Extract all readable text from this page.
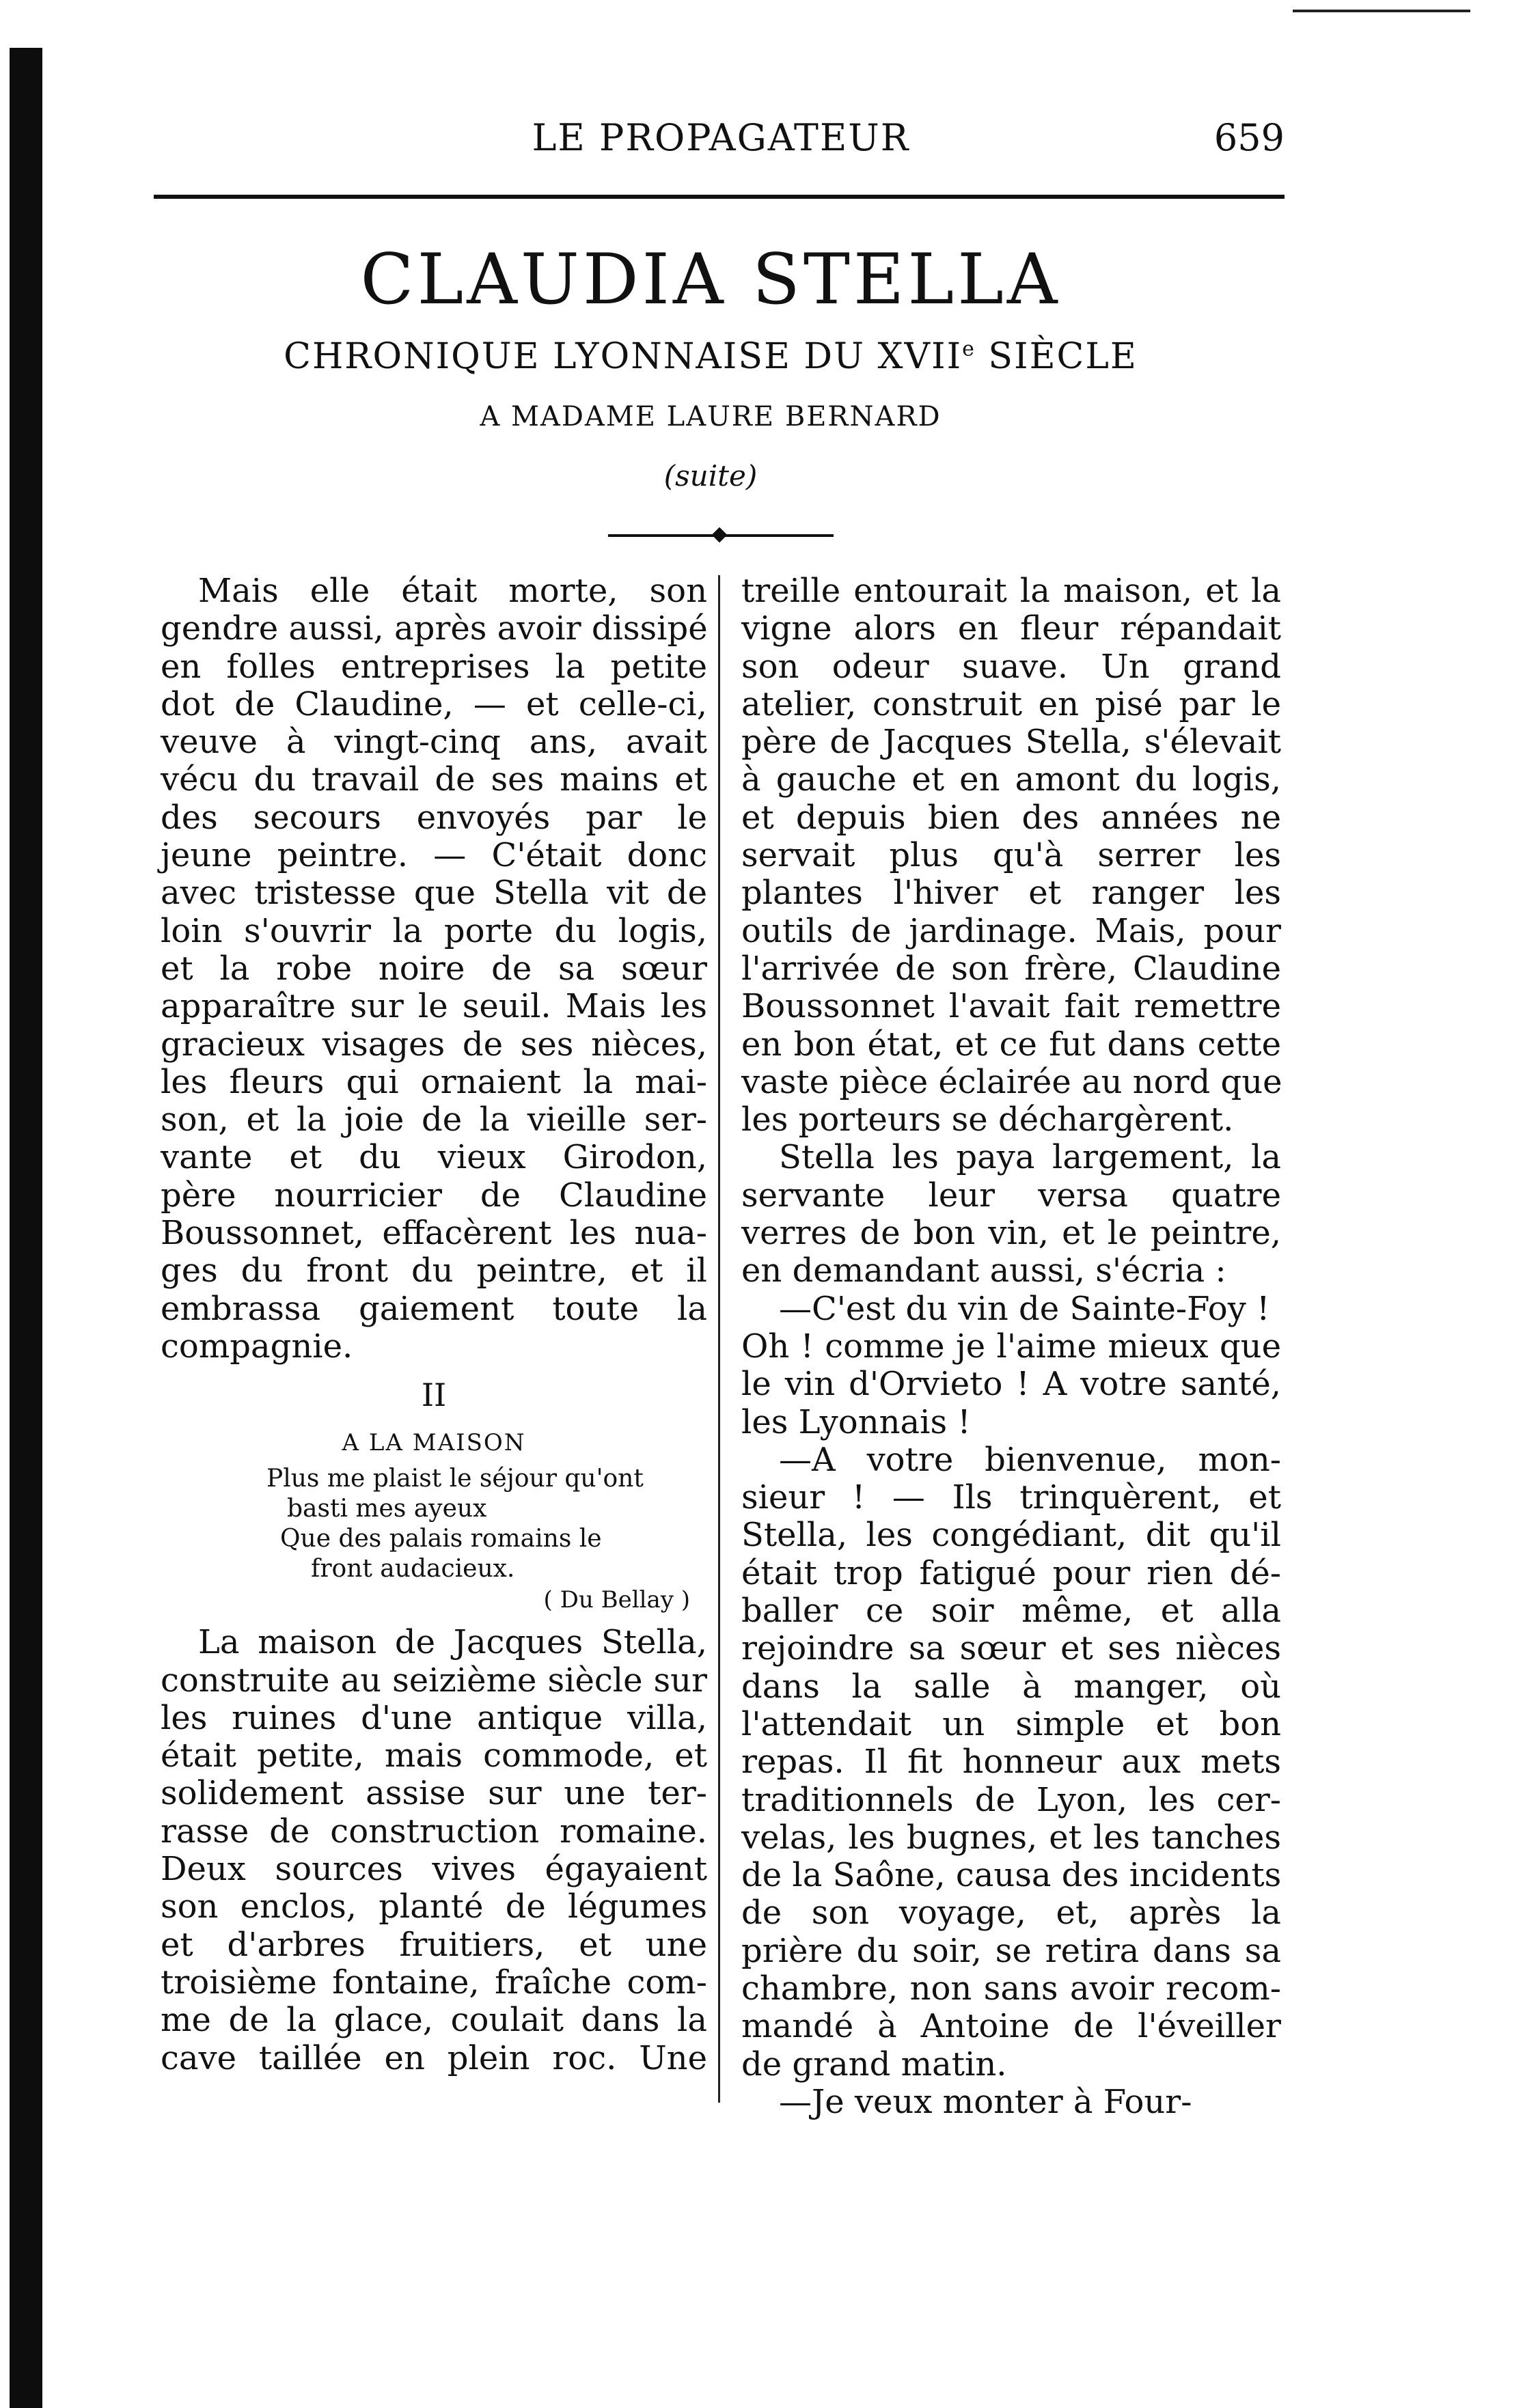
LE PROPAGATEUR	659
CLAUDIA STELLA
CHRONIQUE LYONNAISE DU XVIIe SIÈCLE
A MADAME LAURE BERNARD
(suite)
Mais elle était morte, son
gendre aussi, après avoir dissipé
en folles entreprises la petite
dot de Claudine, — et celle-ci,
veuve à vingt-cinq ans, avait
vécu du travail de ses mains et
des secours envoyés par le
jeune peintre. — C'était donc
avec tristesse que Stella vit de
loin s'ouvrir la porte du logis,
et la robe noire de sa sœur
apparaître sur le seuil. Mais les
gracieux visages de ses nièces,
les fleurs qui ornaient la mai-
son, et la joie de la vieille ser-
vante et du vieux Girodon,
père nourricier de Claudine
Boussonnet, effacèrent les nua-
ges du front du peintre, et il
embrassa gaiement toute la
compagnie.
II
A LA MAISON
Plus me plaist le séjour qu'ont
basti mes ayeux
Que des palais romains le
front audacieux.
( Du Bellay )
La maison de Jacques Stella,
construite au seizième siècle sur
les ruines d'une antique villa,
était petite, mais commode, et
solidement assise sur une ter-
rasse de construction romaine.
Deux sources vives égayaient
son enclos, planté de légumes
et d'arbres fruitiers, et une
troisième fontaine, fraîche com-
me de la glace, coulait dans la
cave taillée en plein roc. Une
treille entourait la maison, et la
vigne alors en fleur répandait
son odeur suave. Un grand
atelier, construit en pisé par le
père de Jacques Stella, s'élevait
à gauche et en amont du logis,
et depuis bien des années ne
servait plus qu'à serrer les
plantes l'hiver et ranger les
outils de jardinage. Mais, pour
l'arrivée de son frère, Claudine
Boussonnet l'avait fait remettre
en bon état, et ce fut dans cette
vaste pièce éclairée au nord que
les porteurs se déchargèrent.
Stella les paya largement, la
servante leur versa quatre
verres de bon vin, et le peintre,
en demandant aussi, s'écria :
—C'est du vin de Sainte-Foy !
Oh ! comme je l'aime mieux que
le vin d'Orvieto ! A votre santé,
les Lyonnais !
—A votre bienvenue, mon-
sieur ! — Ils trinquèrent, et
Stella, les congédiant, dit qu'il
était trop fatigué pour rien dé-
baller ce soir même, et alla
rejoindre sa sœur et ses nièces
dans la salle à manger, où
l'attendait un simple et bon
repas. Il fit honneur aux mets
traditionnels de Lyon, les cer-
velas, les bugnes, et les tanches
de la Saône, causa des incidents
de son voyage, et, après la
prière du soir, se retira dans sa
chambre, non sans avoir recom-
mandé à Antoine de l'éveiller
de grand matin.
—Je veux monter à Four-
